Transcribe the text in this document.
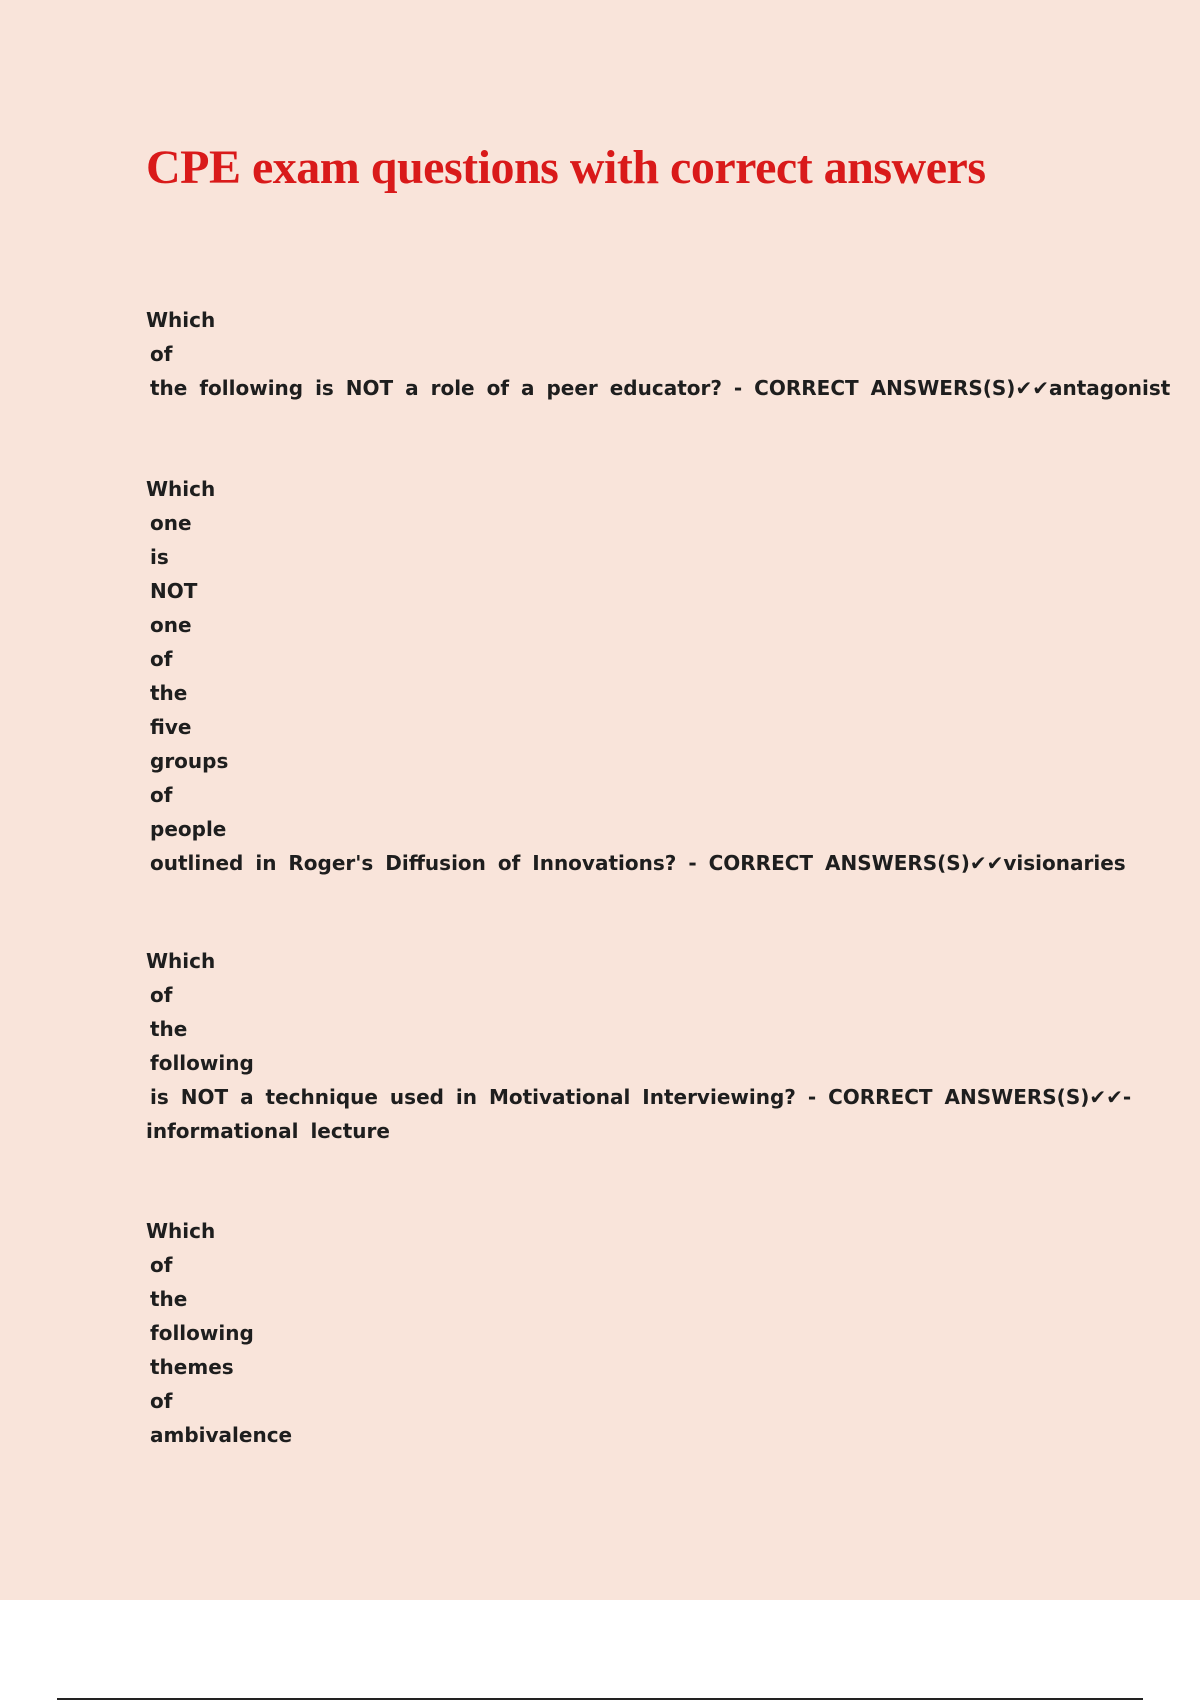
CPE exam questions with correct answers
Which
of
the following is NOT a role of a peer educator? - CORRECT ANSWERS(S)✔✔antagonist
Which
one
is
NOT
one
of
the
five
groups
of
people
outlined in Roger's Diffusion of Innovations? - CORRECT ANSWERS(S)✔✔visionaries
Which
of
the
following
is NOT a technique used in Motivational Interviewing? - CORRECT ANSWERS(S)✔✔-
informational lecture
Which
of
the
following
themes
of
ambivalence
